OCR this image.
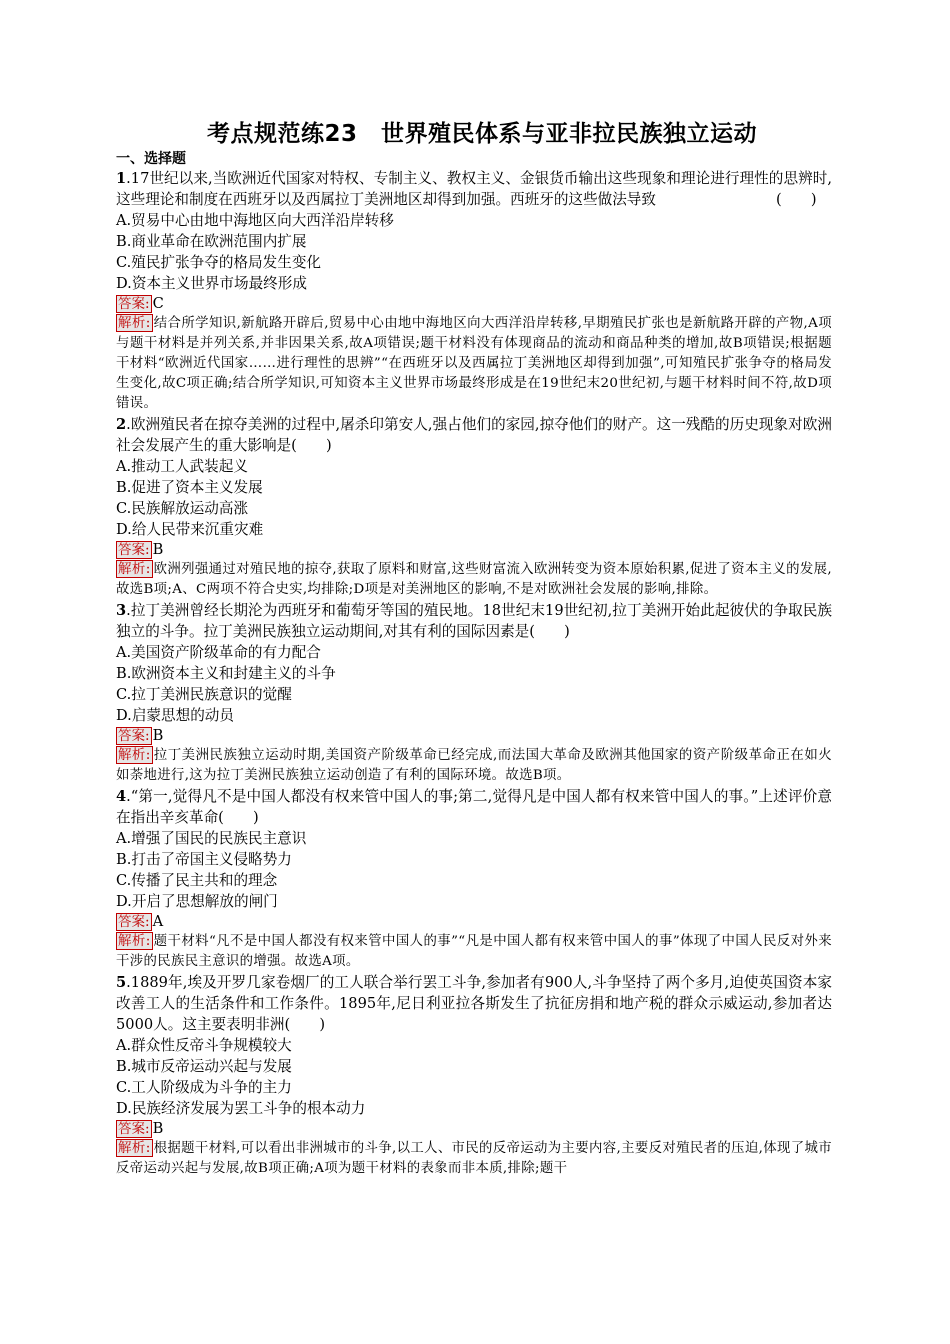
考点规范练23　世界殖民体系与亚非拉民族独立运动
一、选择题

1.17世纪以来,当欧洲近代国家对特权、专制主义、教权主义、金银货币输出这些现象和理论进行理性的思辨时,这些理论和制度在西班牙以及西属拉丁美洲地区却得到加强。西班牙的这些做法导致	(　　)

A.贸易中心由地中海地区向大西洋沿岸转移

B.商业革命在欧洲范围内扩展

C.殖民扩张争夺的格局发生变化

D.资本主义世界市场最终形成

答案: C

解析: 结合所学知识,新航路开辟后,贸易中心由地中海地区向大西洋沿岸转移,早期殖民扩张也是新航路开辟的产物,A项与题干材料是并列关系,并非因果关系,故A项错误;题干材料没有体现商品的流动和商品种类的增加,故B项错误;根据题干材料“欧洲近代国家……进行理性的思辨”“在西班牙以及西属拉丁美洲地区却得到加强”,可知殖民扩张争夺的格局发生变化,故C项正确;结合所学知识,可知资本主义世界市场最终形成是在19世纪末20世纪初,与题干材料时间不符,故D项错误。

2.欧洲殖民者在掠夺美洲的过程中,屠杀印第安人,强占他们的家园,掠夺他们的财产。这一残酷的历史现象对欧洲社会发展产生的重大影响是(　　)

A.推动工人武装起义

B.促进了资本主义发展

C.民族解放运动高涨

D.给人民带来沉重灾难

答案: B

解析: 欧洲列强通过对殖民地的掠夺,获取了原料和财富,这些财富流入欧洲转变为资本原始积累,促进了资本主义的发展,故选B项;A、C两项不符合史实,均排除;D项是对美洲地区的影响,不是对欧洲社会发展的影响,排除。

3.拉丁美洲曾经长期沦为西班牙和葡萄牙等国的殖民地。18世纪末19世纪初,拉丁美洲开始此起彼伏的争取民族独立的斗争。拉丁美洲民族独立运动期间,对其有利的国际因素是(　　)

A.美国资产阶级革命的有力配合

B.欧洲资本主义和封建主义的斗争

C.拉丁美洲民族意识的觉醒

D.启蒙思想的动员

答案: B

解析: 拉丁美洲民族独立运动时期,美国资产阶级革命已经完成,而法国大革命及欧洲其他国家的资产阶级革命正在如火如荼地进行,这为拉丁美洲民族独立运动创造了有利的国际环境。故选B项。

4.“第一,觉得凡不是中国人都没有权来管中国人的事;第二,觉得凡是中国人都有权来管中国人的事。”上述评价意在指出辛亥革命(　　)

A.增强了国民的民族民主意识

B.打击了帝国主义侵略势力

C.传播了民主共和的理念

D.开启了思想解放的闸门

答案: A

解析: 题干材料“凡不是中国人都没有权来管中国人的事”“凡是中国人都有权来管中国人的事”体现了中国人民反对外来干涉的民族民主意识的增强。故选A项。

5.1889年,埃及开罗几家卷烟厂的工人联合举行罢工斗争,参加者有900人,斗争坚持了两个多月,迫使英国资本家改善工人的生活条件和工作条件。1895年,尼日利亚拉各斯发生了抗征房捐和地产税的群众示威运动,参加者达5000人。这主要表明非洲(　　)

A.群众性反帝斗争规模较大

B.城市反帝运动兴起与发展

C.工人阶级成为斗争的主力

D.民族经济发展为罢工斗争的根本动力

答案: B

解析: 根据题干材料,可以看出非洲城市的斗争,以工人、市民的反帝运动为主要内容,主要反对殖民者的压迫,体现了城市反帝运动兴起与发展,故B项正确;A项为题干材料的表象而非本质,排除;题干
